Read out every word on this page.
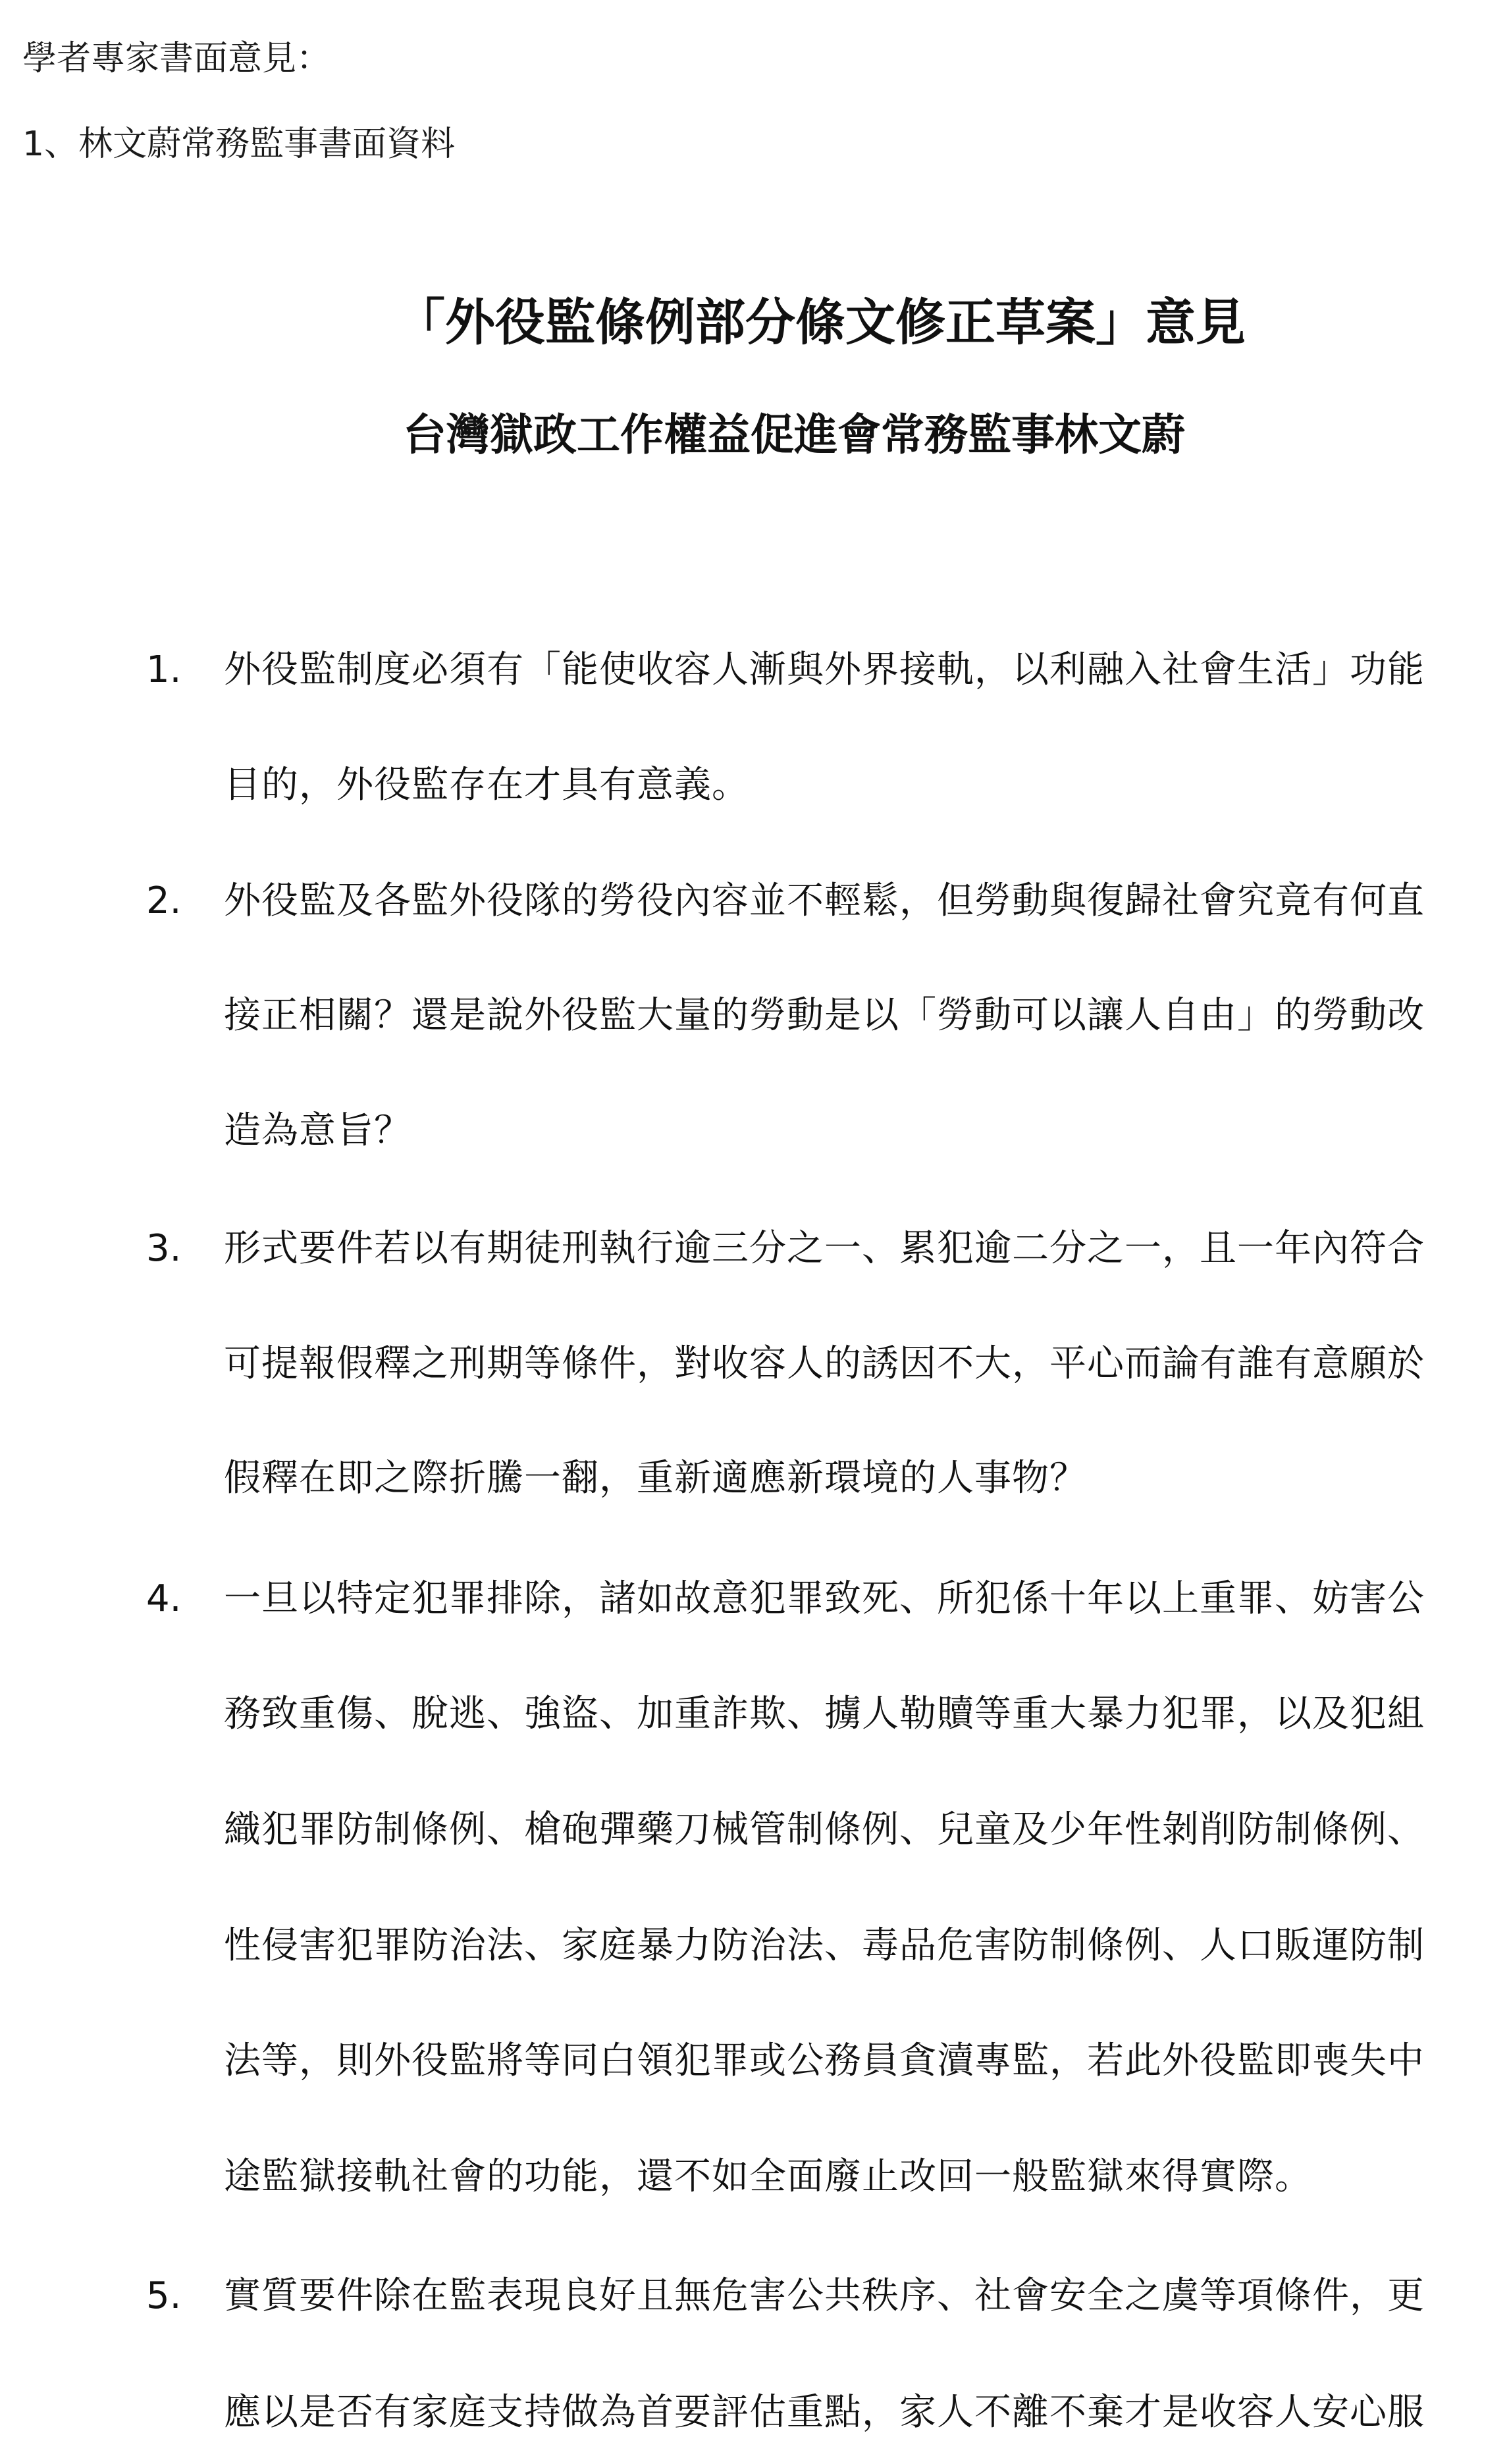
學者專家書面意見：
1、林文蔚常務監事書面資料
「外役監條例部分條文修正草案」意見
台灣獄政工作權益促進會常務監事林文蔚
1. 外役監制度必須有「能使收容人漸與外界接軌，以利融入社會生活」功能
目的，外役監存在才具有意義。
2. 外役監及各監外役隊的勞役內容並不輕鬆，但勞動與復歸社會究竟有何直
接正相關？還是說外役監大量的勞動是以「勞動可以讓人自由」的勞動改
造為意旨？
3. 形式要件若以有期徒刑執行逾三分之一、累犯逾二分之一，且一年內符合
可提報假釋之刑期等條件，對收容人的誘因不大，平心而論有誰有意願於
假釋在即之際折騰一翻，重新適應新環境的人事物？
4. 一旦以特定犯罪排除，諸如故意犯罪致死、所犯係十年以上重罪、妨害公
務致重傷、脫逃、強盜、加重詐欺、擄人勒贖等重大暴力犯罪，以及犯組
織犯罪防制條例、槍砲彈藥刀械管制條例、兒童及少年性剝削防制條例、
性侵害犯罪防治法、家庭暴力防治法、毒品危害防制條例、人口販運防制
法等，則外役監將等同白領犯罪或公務員貪瀆專監，若此外役監即喪失中
途監獄接軌社會的功能，還不如全面廢止改回一般監獄來得實際。
5. 實質要件除在監表現良好且無危害公共秩序、社會安全之虞等項條件，更
應以是否有家庭支持做為首要評估重點，家人不離不棄才是收容人安心服
